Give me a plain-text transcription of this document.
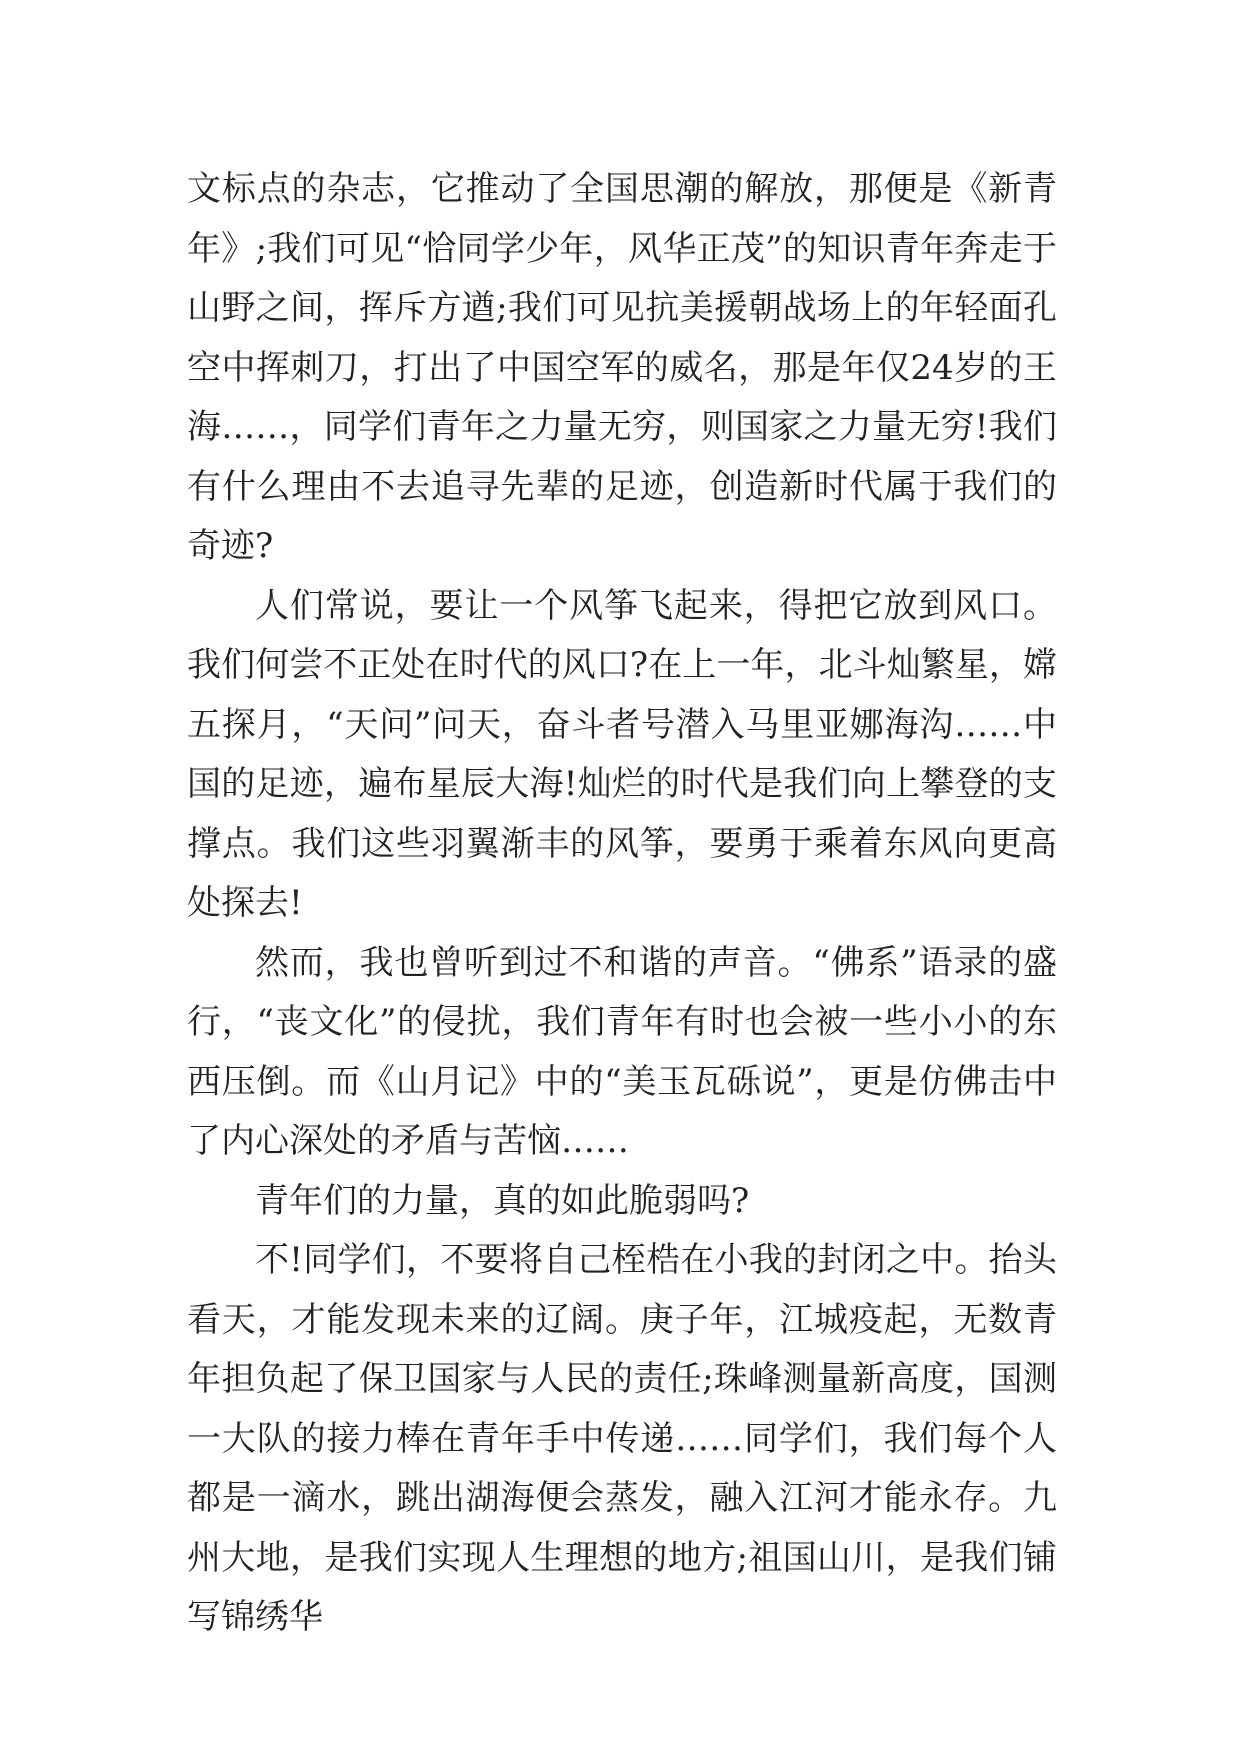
文标点的杂志，它推动了全国思潮的解放，那便是《新青年》;我们可见“恰同学少年，风华正茂”的知识青年奔走于山野之间，挥斥方遒;我们可见抗美援朝战场上的年轻面孔空中挥刺刀，打出了中国空军的威名，那是年仅24岁的王海……，同学们青年之力量无穷，则国家之力量无穷!我们有什么理由不去追寻先辈的足迹，创造新时代属于我们的奇迹?

人们常说，要让一个风筝飞起来，得把它放到风口。我们何尝不正处在时代的风口?在上一年，北斗灿繁星，嫦五探月，“天问”问天，奋斗者号潜入马里亚娜海沟……中国的足迹，遍布星辰大海!灿烂的时代是我们向上攀登的支撑点。我们这些羽翼渐丰的风筝，要勇于乘着东风向更高处探去!

然而，我也曾听到过不和谐的声音。“佛系”语录的盛行，“丧文化”的侵扰，我们青年有时也会被一些小小的东西压倒。而《山月记》中的“美玉瓦砾说”，更是仿佛击中了内心深处的矛盾与苦恼……

青年们的力量，真的如此脆弱吗?

不!同学们，不要将自己桎梏在小我的封闭之中。抬头看天，才能发现未来的辽阔。庚子年，江城疫起，无数青年担负起了保卫国家与人民的责任;珠峰测量新高度，国测一大队的接力棒在青年手中传递……同学们，我们每个人都是一滴水，跳出湖海便会蒸发，融入江河才能永存。九州大地，是我们实现人生理想的地方;祖国山川，是我们铺写锦绣华
